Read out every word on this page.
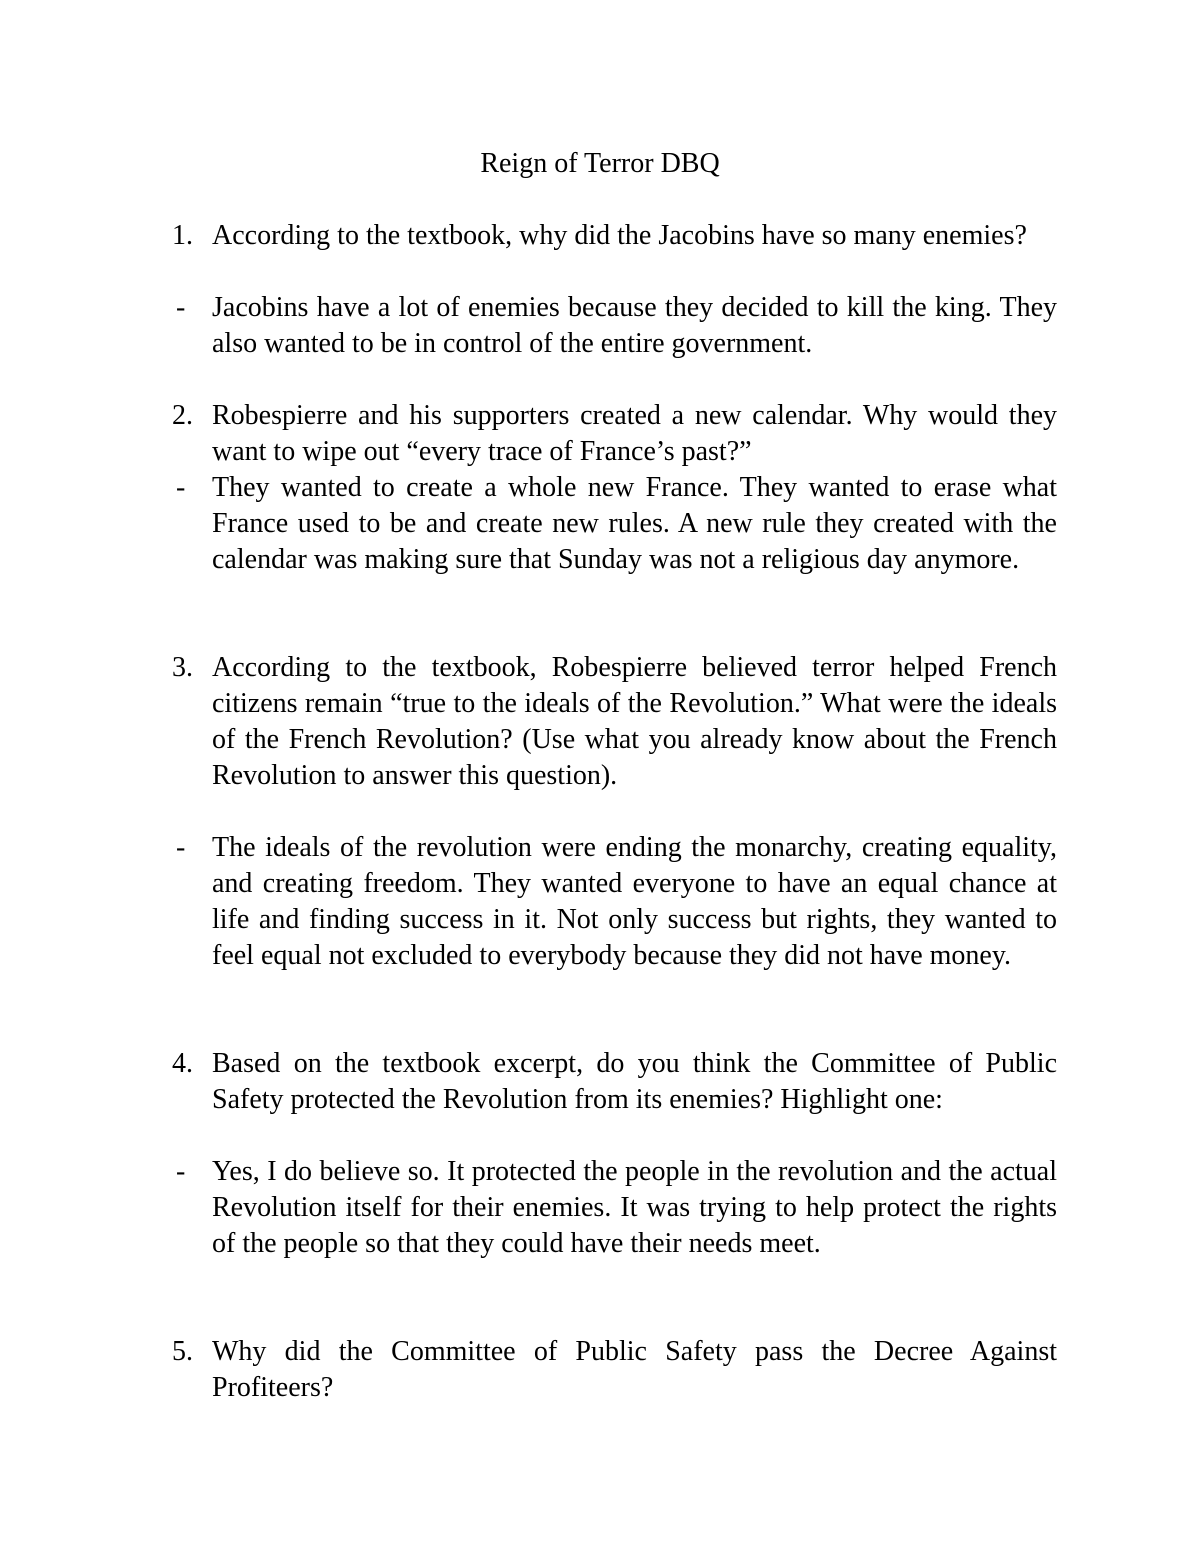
Reign of Terror DBQ
1. According to the textbook, why did the Jacobins have so many enemies?
- Jacobins have a lot of enemies because they decided to kill the king. They also wanted to be in control of the entire government.
2. Robespierre and his supporters created a new calendar. Why would they want to wipe out “every trace of France’s past?”
- They wanted to create a whole new France. They wanted to erase what France used to be and create new rules. A new rule they created with the calendar was making sure that Sunday was not a religious day anymore.
3. According to the textbook, Robespierre believed terror helped French citizens remain “true to the ideals of the Revolution.” What were the ideals of the French Revolution? (Use what you already know about the French Revolution to answer this question).
- The ideals of the revolution were ending the monarchy, creating equality, and creating freedom. They wanted everyone to have an equal chance at life and finding success in it. Not only success but rights, they wanted to feel equal not excluded to everybody because they did not have money.
4. Based on the textbook excerpt, do you think the Committee of Public Safety protected the Revolution from its enemies? Highlight one:
- Yes, I do believe so. It protected the people in the revolution and the actual Revolution itself for their enemies. It was trying to help protect the rights of the people so that they could have their needs meet.
5. Why did the Committee of Public Safety pass the Decree Against Profiteers?
